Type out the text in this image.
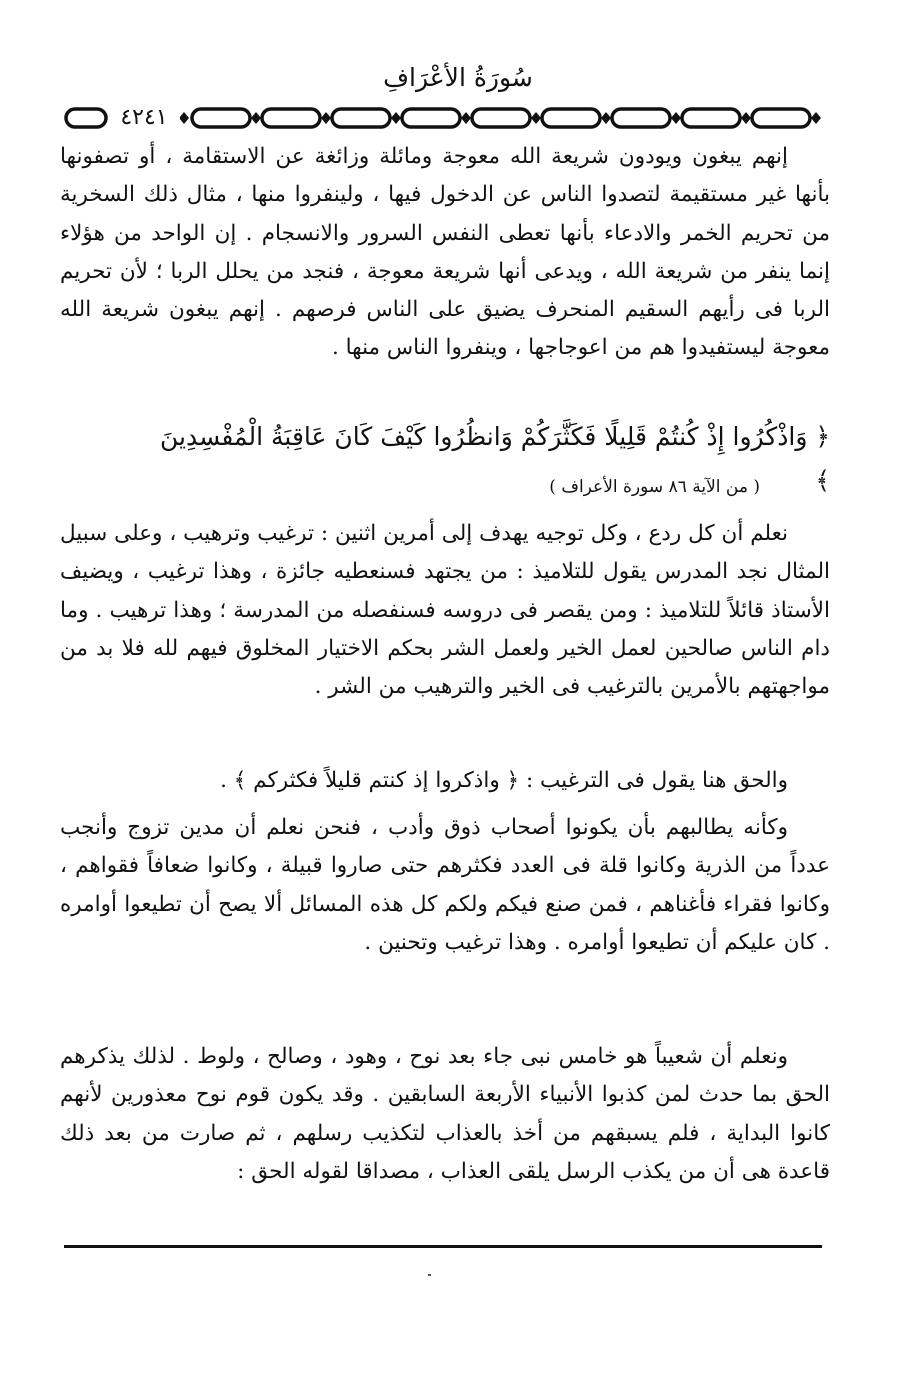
سُورَةُ الأعْرَافِ
٤٢٤١

إنهم يبغون ويودون شريعة الله معوجة ومائلة وزائغة عن الاستقامة ، أو تصفونها بأنها غير مستقيمة لتصدوا الناس عن الدخول فيها ، ولينفروا منها ، مثال ذلك السخرية من تحريم الخمر والادعاء بأنها تعطى النفس السرور والانسجام . إن الواحد من هؤلاء إنما ينفر من شريعة الله ، ويدعى أنها شريعة معوجة ، فنجد من يحلل الربا ؛ لأن تحريم الربا فى رأيهم السقيم المنحرف يضيق على الناس فرصهم . إنهم يبغون شريعة الله معوجة ليستفيدوا هم من اعوجاجها ، وينفروا الناس منها .

﴿ وَاذْكُرُوا إِذْ كُنتُمْ قَلِيلًا فَكَثَّرَكُمْ وَانظُرُوا كَيْفَ كَانَ عَاقِبَةُ الْمُفْسِدِينَ ﴾
( من الآية ٨٦ سورة الأعراف )

نعلم أن كل ردع ، وكل توجيه يهدف إلى أمرين اثنين : ترغيب وترهيب ، وعلى سبيل المثال نجد المدرس يقول للتلاميذ : من يجتهد فسنعطيه جائزة ، وهذا ترغيب ، ويضيف الأستاذ قائلاً للتلاميذ : ومن يقصر فى دروسه فسنفصله من المدرسة ؛ وهذا ترهيب . وما دام الناس صالحين لعمل الخير ولعمل الشر بحكم الاختيار المخلوق فيهم لله فلا بد من مواجهتهم بالأمرين بالترغيب فى الخير والترهيب من الشر .

والحق هنا يقول فى الترغيب : ﴿ واذكروا إذ كنتم قليلاً فكثركم ﴾ .

وكأنه يطالبهم بأن يكونوا أصحاب ذوق وأدب ، فنحن نعلم أن مدين تزوج وأنجب عدداً من الذرية وكانوا قلة فى العدد فكثرهم حتى صاروا قبيلة ، وكانوا ضعافاً فقواهم ، وكانوا فقراء فأغناهم ، فمن صنع فيكم ولكم كل هذه المسائل ألا يصح أن تطيعوا أوامره . كان عليكم أن تطيعوا أوامره . وهذا ترغيب وتحنين .

ونعلم أن شعيباً هو خامس نبى جاء بعد نوح ، وهود ، وصالح ، ولوط . لذلك يذكرهم الحق بما حدث لمن كذبوا الأنبياء الأربعة السابقين . وقد يكون قوم نوح معذورين لأنهم كانوا البداية ، فلم يسبقهم من أخذ بالعذاب لتكذيب رسلهم ، ثم صارت من بعد ذلك قاعدة هى أن من يكذب الرسل يلقى العذاب ، مصداقا لقوله الحق :
